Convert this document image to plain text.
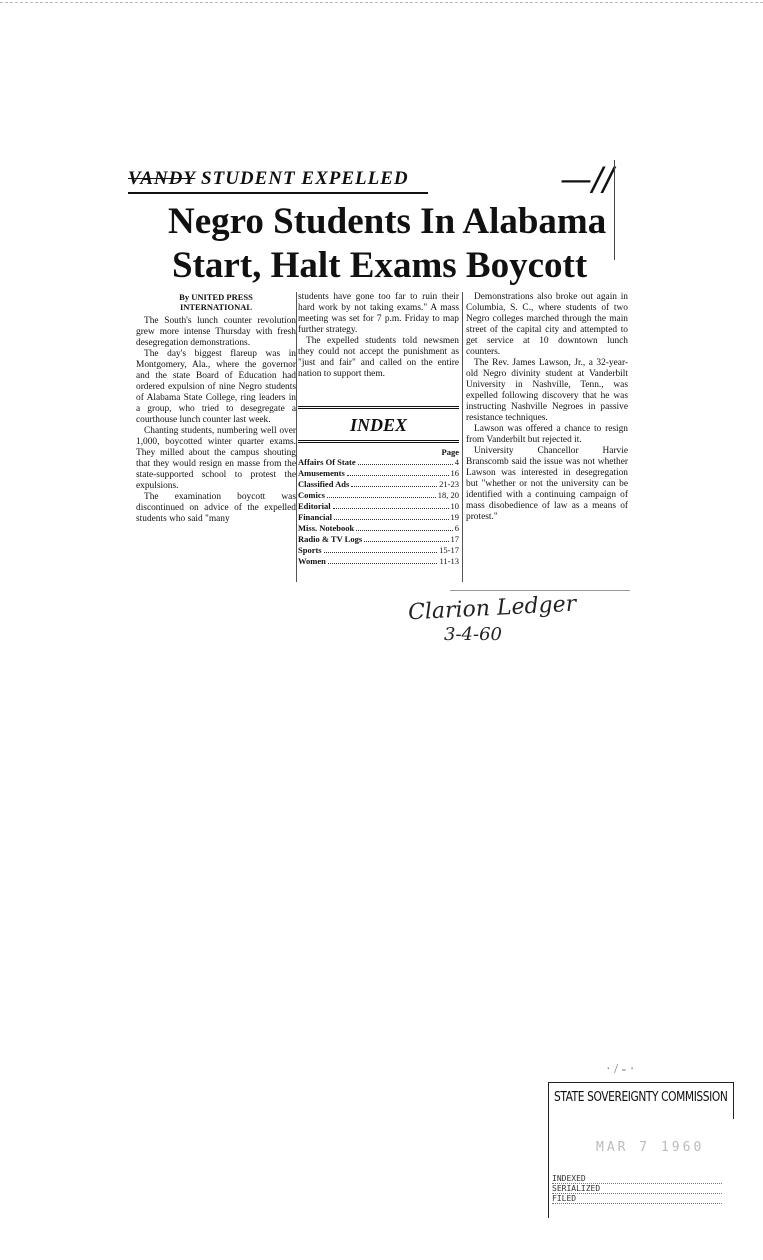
VANDY STUDENT EXPELLED	—//
Negro Students In Alabama
Start, Halt Exams Boycott

By UNITED PRESS
INTERNATIONAL

The South's lunch counter revolution grew more intense Thursday with fresh desegregation demonstrations.

The day's biggest flareup was in Montgomery, Ala., where the governor and the state Board of Education had ordered expulsion of nine Negro students of Alabama State College, ring leaders in a group, who tried to desegregate a courthouse lunch counter last week.

Chanting students, numbering well over 1,000, boycotted winter quarter exams. They milled about the campus shouting that they would resign en masse from the state-supported school to protest the expulsions.

The examination boycott was discontinued on advice of the expelled students who said "many

students have gone too far to ruin their hard work by not taking exams." A mass meeting was set for 7 p.m. Friday to map further strategy.

The expelled students told newsmen they could not accept the punishment as "just and fair" and called on the entire nation to support them.

INDEX
Page
Affairs Of State	4
Amusements	16
Classified Ads	21-23
Comics	18, 20
Editorial	10
Financial	19
Miss. Notebook	6
Radio & TV Logs	17
Sports	15-17
Women	11-13

Demonstrations also broke out again in Columbia, S. C., where students of two Negro colleges marched through the main street of the capital city and attempted to get service at 10 downtown lunch counters.

The Rev. James Lawson, Jr., a 32-year-old Negro divinity student at Vanderbilt University in Nashville, Tenn., was expelled following discovery that he was instructing Nashville Negroes in passive resistance techniques.

Lawson was offered a chance to resign from Vanderbilt but rejected it.

University Chancellor Harvie Branscomb said the issue was not whether Lawson was interested in desegregation but "whether or not the university can be identified with a continuing campaign of mass disobedience of law as a means of protest."

Clarion Ledger
3-4-60
· / - ·
STATE SOVEREIGNTY COMMISSION
MAR 7 1960
INDEXED
SERIALIZED
FILED
